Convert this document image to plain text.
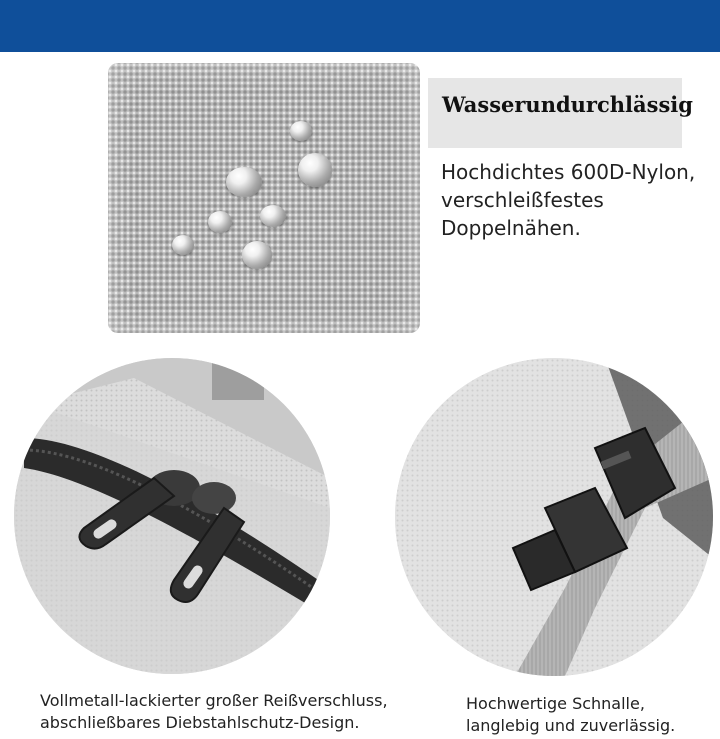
Wasserundurchlässig
Hochdichtes 600D-Nylon,
verschleißfestes
Doppelnähen.
Vollmetall-lackierter großer Reißverschluss,
abschließbares Diebstahlschutz-Design.
Hochwertige Schnalle,
langlebig und zuverlässig.
